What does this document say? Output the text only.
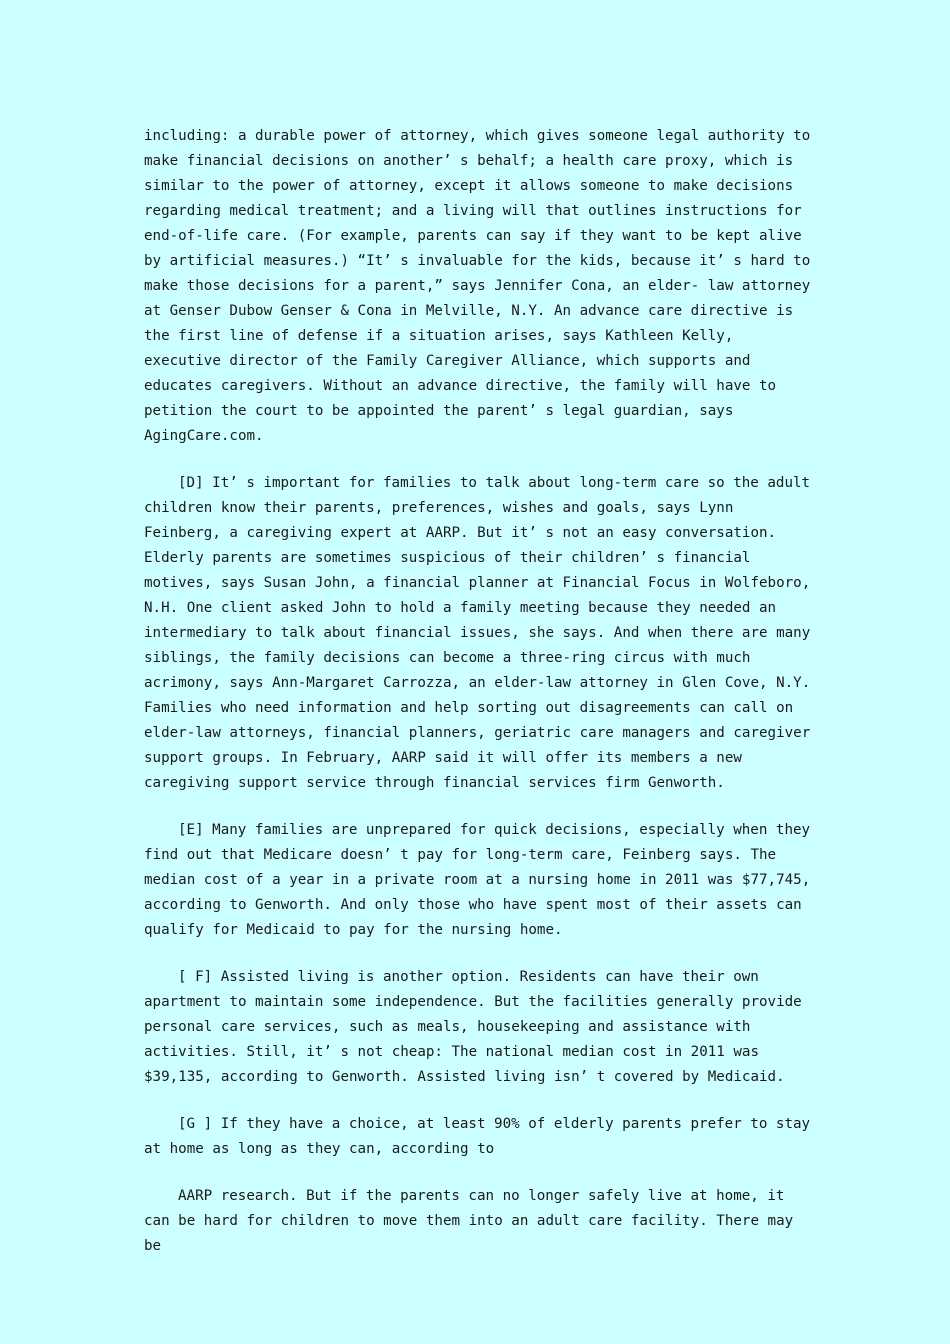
including: a durable power of attorney, which gives someone legal authority to make financial decisions on another’ s behalf; a health care proxy, which is similar to the power of attorney, except it allows someone to make decisions regarding medical treatment; and a living will that outlines instructions for end-of-life care. (For example, parents can say if they want to be kept alive by artificial measures.) “It’ s invaluable for the kids, because it’ s hard to make those decisions for a parent,” says Jennifer Cona, an elder- law attorney at Genser Dubow Genser & Cona in Melville, N.Y. An advance care directive is the first line of defense if a situation arises, says Kathleen Kelly, executive director of the Family Caregiver Alliance, which supports and educates caregivers. Without an advance directive, the family will have to petition the court to be appointed the parent’ s legal guardian, says AgingCare.com.

[D] It’ s important for families to talk about long-term care so the adult children know their parents, preferences, wishes and goals, says Lynn Feinberg, a caregiving expert at AARP. But it’ s not an easy conversation. Elderly parents are sometimes suspicious of their children’ s financial motives, says Susan John, a financial planner at Financial Focus in Wolfeboro, N.H. One client asked John to hold a family meeting because they needed an intermediary to talk about financial issues, she says. And when there are many siblings, the family decisions can become a three-ring circus with much acrimony, says Ann-Margaret Carrozza, an elder-law attorney in Glen Cove, N.Y. Families who need information and help sorting out disagreements can call on elder-law attorneys, financial planners, geriatric care managers and caregiver support groups. In February, AARP said it will offer its members a new caregiving support service through financial services firm Genworth.

[E] Many families are unprepared for quick decisions, especially when they find out that Medicare doesn’ t pay for long-term care, Feinberg says. The median cost of a year in a private room at a nursing home in 2011 was $77,745, according to Genworth. And only those who have spent most of their assets can qualify for Medicaid to pay for the nursing home.

[ F] Assisted living is another option. Residents can have their own apartment to maintain some independence. But the facilities generally provide personal care services, such as meals, housekeeping and assistance with activities. Still, it’ s not cheap: The national median cost in 2011 was $39,135, according to Genworth. Assisted living isn’ t covered by Medicaid.

[G ] If they have a choice, at least 90% of elderly parents prefer to stay at home as long as they can, according to

AARP research. But if the parents can no longer safely live at home, it can be hard for children to move them into an adult care facility. There may be
